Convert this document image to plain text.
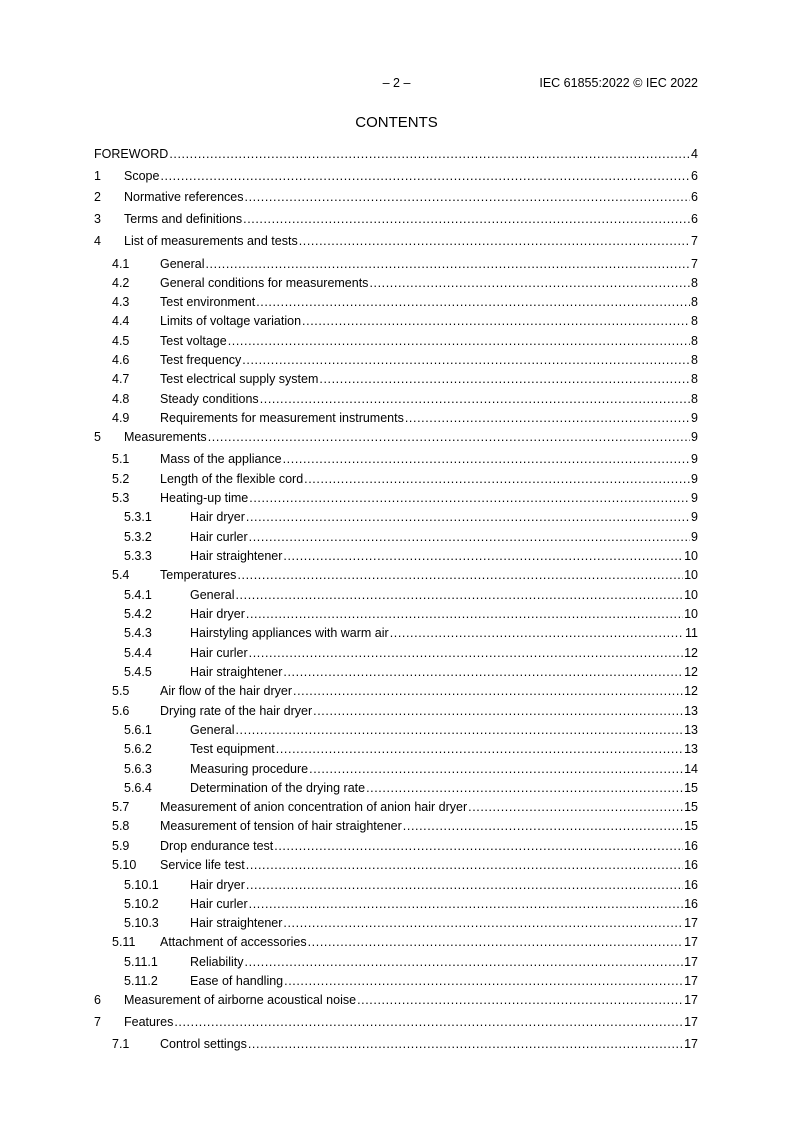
– 2 –	IEC 61855:2022 © IEC 2022
CONTENTS
FOREWORD .....	4
1	Scope .....	6
2	Normative references .....	6
3	Terms and definitions .....	6
4	List of measurements and tests .....	7
4.1	General .....	7
4.2	General conditions for measurements .....	8
4.3	Test environment .....	8
4.4	Limits of voltage variation .....	8
4.5	Test voltage .....	8
4.6	Test frequency .....	8
4.7	Test electrical supply system .....	8
4.8	Steady conditions .....	8
4.9	Requirements for measurement instruments .....	9
5	Measurements .....	9
5.1	Mass of the appliance .....	9
5.2	Length of the flexible cord .....	9
5.3	Heating-up time .....	9
5.3.1	Hair dryer .....	9
5.3.2	Hair curler .....	9
5.3.3	Hair straightener .....	10
5.4	Temperatures .....	10
5.4.1	General .....	10
5.4.2	Hair dryer .....	10
5.4.3	Hairstyling appliances with warm air .....	11
5.4.4	Hair curler .....	12
5.4.5	Hair straightener .....	12
5.5	Air flow of the hair dryer .....	12
5.6	Drying rate of the hair dryer .....	13
5.6.1	General .....	13
5.6.2	Test equipment .....	13
5.6.3	Measuring procedure .....	14
5.6.4	Determination of the drying rate .....	15
5.7	Measurement of anion concentration of anion hair dryer .....	15
5.8	Measurement of tension of hair straightener .....	15
5.9	Drop endurance test .....	16
5.10	Service life test .....	16
5.10.1	Hair dryer .....	16
5.10.2	Hair curler .....	16
5.10.3	Hair straightener .....	17
5.11	Attachment of accessories .....	17
5.11.1	Reliability .....	17
5.11.2	Ease of handling .....	17
6	Measurement of airborne acoustical noise .....	17
7	Features .....	17
7.1	Control settings .....	17
